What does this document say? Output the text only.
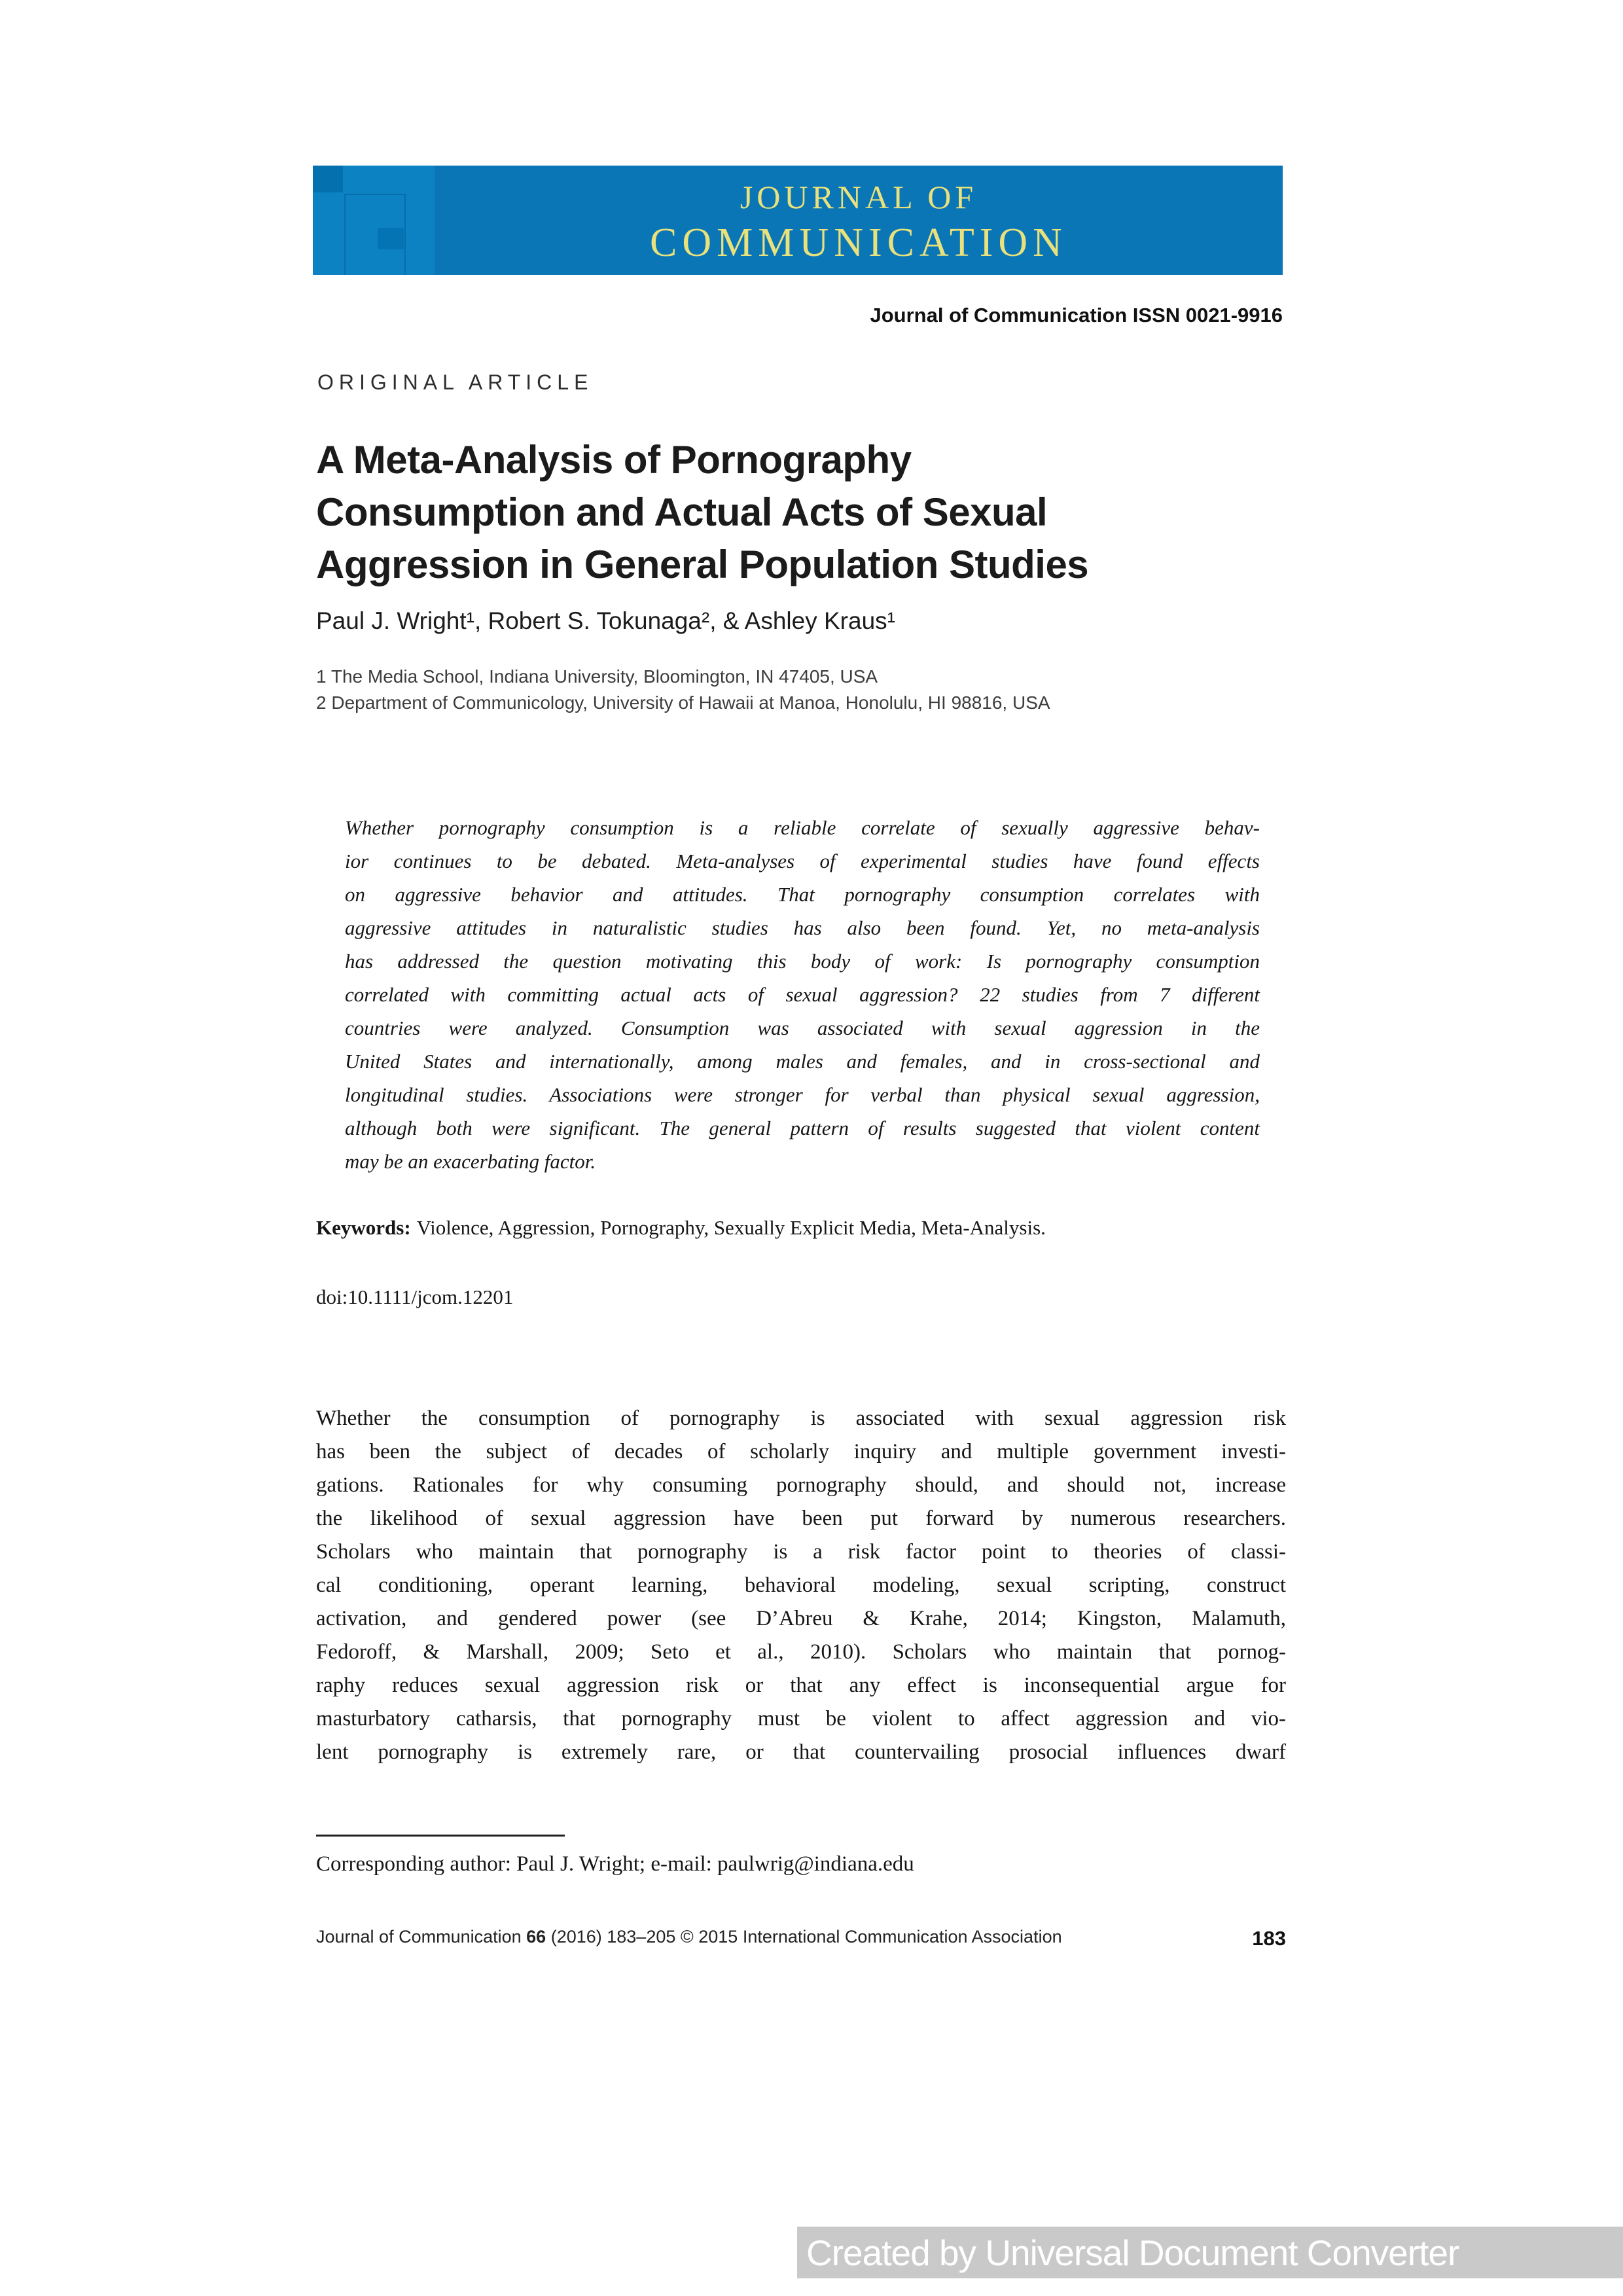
JOURNAL OF
COMMUNICATION
Journal of Communication ISSN 0021-9916
ORIGINAL ARTICLE
A Meta-Analysis of Pornography
Consumption and Actual Acts of Sexual
Aggression in General Population Studies
Paul J. Wright¹, Robert S. Tokunaga², & Ashley Kraus¹
1 The Media School, Indiana University, Bloomington, IN 47405, USA
2 Department of Communicology, University of Hawaii at Manoa, Honolulu, HI 98816, USA
Whether pornography consumption is a reliable correlate of sexually aggressive behav-
ior continues to be debated. Meta-analyses of experimental studies have found effects
on aggressive behavior and attitudes. That pornography consumption correlates with
aggressive attitudes in naturalistic studies has also been found. Yet, no meta-analysis
has addressed the question motivating this body of work: Is pornography consumption
correlated with committing actual acts of sexual aggression? 22 studies from 7 different
countries were analyzed. Consumption was associated with sexual aggression in the
United States and internationally, among males and females, and in cross-sectional and
longitudinal studies. Associations were stronger for verbal than physical sexual aggression,
although both were significant. The general pattern of results suggested that violent content
may be an exacerbating factor.
Keywords: Violence, Aggression, Pornography, Sexually Explicit Media, Meta-Analysis.
doi:10.1111/jcom.12201
Whether the consumption of pornography is associated with sexual aggression risk
has been the subject of decades of scholarly inquiry and multiple government investi-
gations. Rationales for why consuming pornography should, and should not, increase
the likelihood of sexual aggression have been put forward by numerous researchers.
Scholars who maintain that pornography is a risk factor point to theories of classi-
cal conditioning, operant learning, behavioral modeling, sexual scripting, construct
activation, and gendered power (see D’Abreu & Krahe, 2014; Kingston, Malamuth,
Fedoroff, & Marshall, 2009; Seto et al., 2010). Scholars who maintain that pornog-
raphy reduces sexual aggression risk or that any effect is inconsequential argue for
masturbatory catharsis, that pornography must be violent to affect aggression and vio-
lent pornography is extremely rare, or that countervailing prosocial influences dwarf
Corresponding author: Paul J. Wright; e-mail: paulwrig@indiana.edu
Journal of Communication 66 (2016) 183–205 © 2015 International Communication Association	183
Created by Universal Document Converter
